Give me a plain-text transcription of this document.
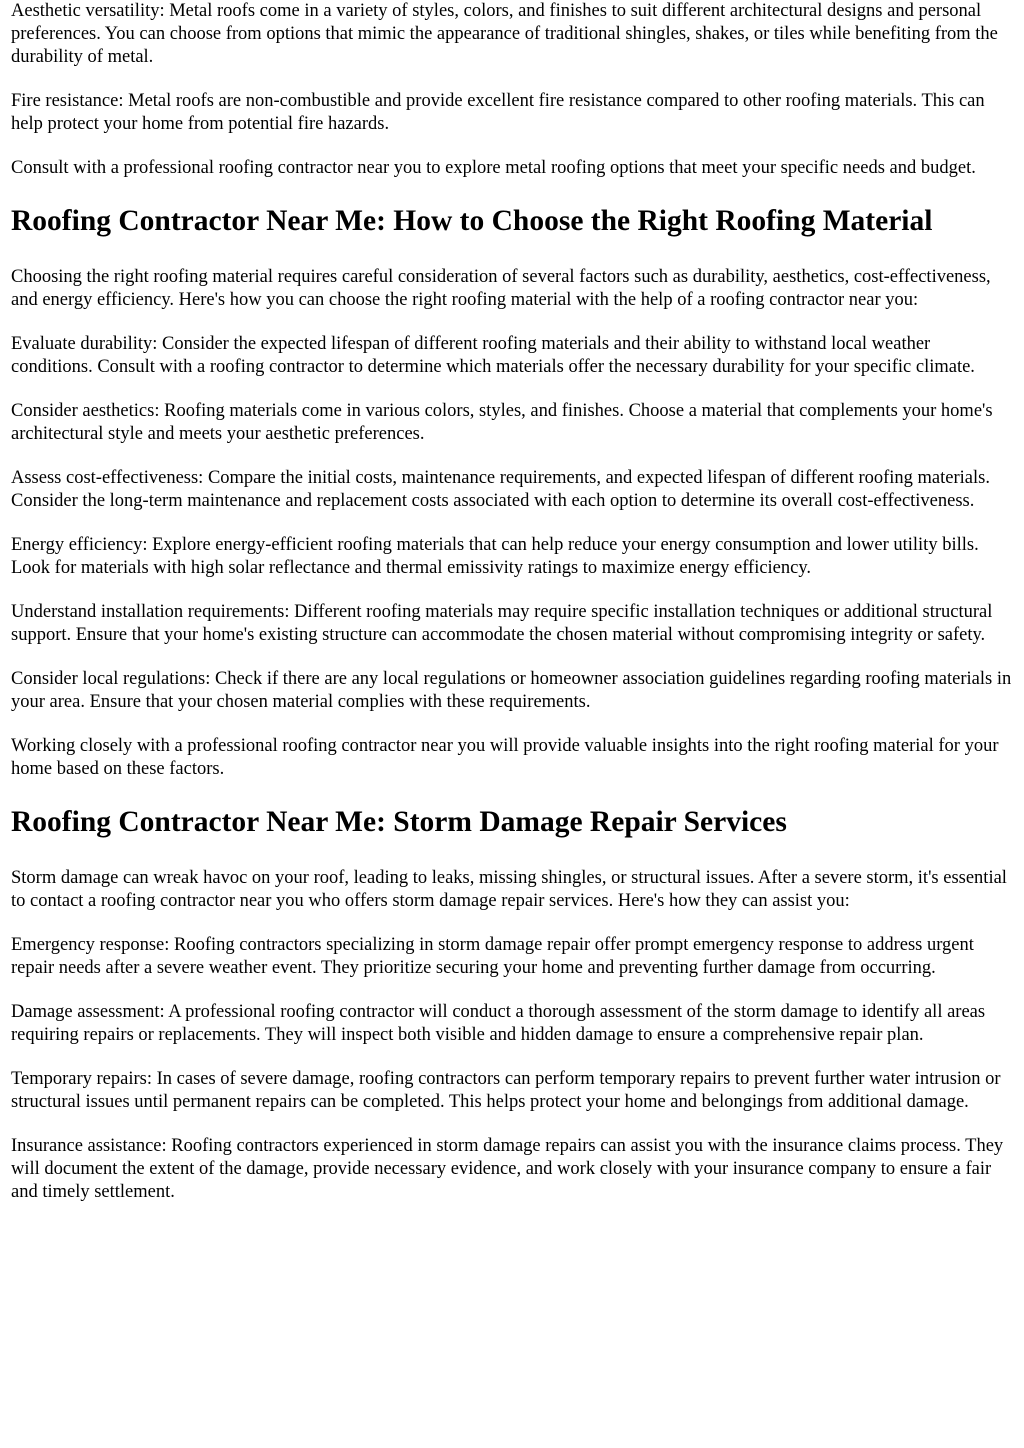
Aesthetic versatility: Metal roofs come in a variety of styles, colors, and finishes to suit different architectural designs and personal preferences. You can choose from options that mimic the appearance of traditional shingles, shakes, or tiles while benefiting from the durability of metal.

Fire resistance: Metal roofs are non-combustible and provide excellent fire resistance compared to other roofing materials. This can help protect your home from potential fire hazards.

Consult with a professional roofing contractor near you to explore metal roofing options that meet your specific needs and budget.

Roofing Contractor Near Me: How to Choose the Right Roofing Material

Choosing the right roofing material requires careful consideration of several factors such as durability, aesthetics, cost-effectiveness, and energy efficiency. Here's how you can choose the right roofing material with the help of a roofing contractor near you:

Evaluate durability: Consider the expected lifespan of different roofing materials and their ability to withstand local weather conditions. Consult with a roofing contractor to determine which materials offer the necessary durability for your specific climate.

Consider aesthetics: Roofing materials come in various colors, styles, and finishes. Choose a material that complements your home's architectural style and meets your aesthetic preferences.

Assess cost-effectiveness: Compare the initial costs, maintenance requirements, and expected lifespan of different roofing materials. Consider the long-term maintenance and replacement costs associated with each option to determine its overall cost-effectiveness.

Energy efficiency: Explore energy-efficient roofing materials that can help reduce your energy consumption and lower utility bills. Look for materials with high solar reflectance and thermal emissivity ratings to maximize energy efficiency.

Understand installation requirements: Different roofing materials may require specific installation techniques or additional structural support. Ensure that your home's existing structure can accommodate the chosen material without compromising integrity or safety.

Consider local regulations: Check if there are any local regulations or homeowner association guidelines regarding roofing materials in your area. Ensure that your chosen material complies with these requirements.

Working closely with a professional roofing contractor near you will provide valuable insights into the right roofing material for your home based on these factors.

Roofing Contractor Near Me: Storm Damage Repair Services

Storm damage can wreak havoc on your roof, leading to leaks, missing shingles, or structural issues. After a severe storm, it's essential to contact a roofing contractor near you who offers storm damage repair services. Here's how they can assist you:

Emergency response: Roofing contractors specializing in storm damage repair offer prompt emergency response to address urgent repair needs after a severe weather event. They prioritize securing your home and preventing further damage from occurring.

Damage assessment: A professional roofing contractor will conduct a thorough assessment of the storm damage to identify all areas requiring repairs or replacements. They will inspect both visible and hidden damage to ensure a comprehensive repair plan.

Temporary repairs: In cases of severe damage, roofing contractors can perform temporary repairs to prevent further water intrusion or structural issues until permanent repairs can be completed. This helps protect your home and belongings from additional damage.

Insurance assistance: Roofing contractors experienced in storm damage repairs can assist you with the insurance claims process. They will document the extent of the damage, provide necessary evidence, and work closely with your insurance company to ensure a fair and timely settlement.
